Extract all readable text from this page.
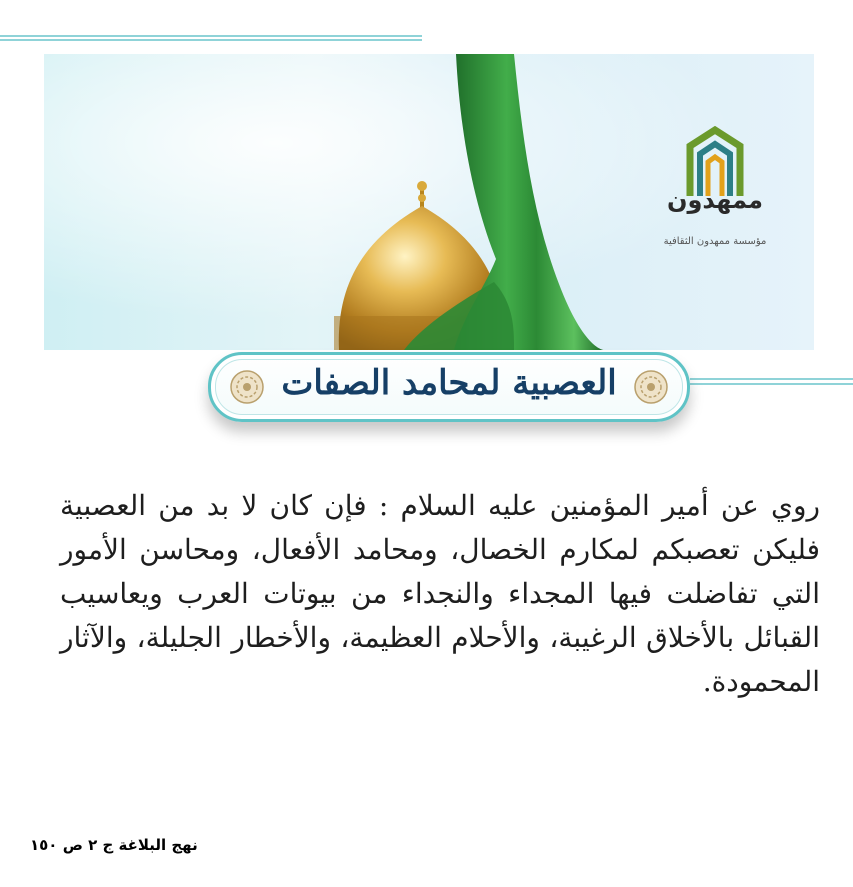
ممهدون
مؤسسة ممهدون الثقافية
العصبية لمحامد الصفات
روي عن أمير المؤمنين عليه السلام : فإن كان لا بد من العصبية فليكن تعصبكم لمكارم الخصال، ومحامد الأفعال، ومحاسن الأمور التي تفاضلت فيها المجداء والنجداء من بيوتات العرب ويعاسيب القبائل بالأخلاق الرغيبة، والأحلام العظيمة، والأخطار الجليلة، والآثار المحمودة.
نهج البلاغة ج ٢ ص ١٥٠
